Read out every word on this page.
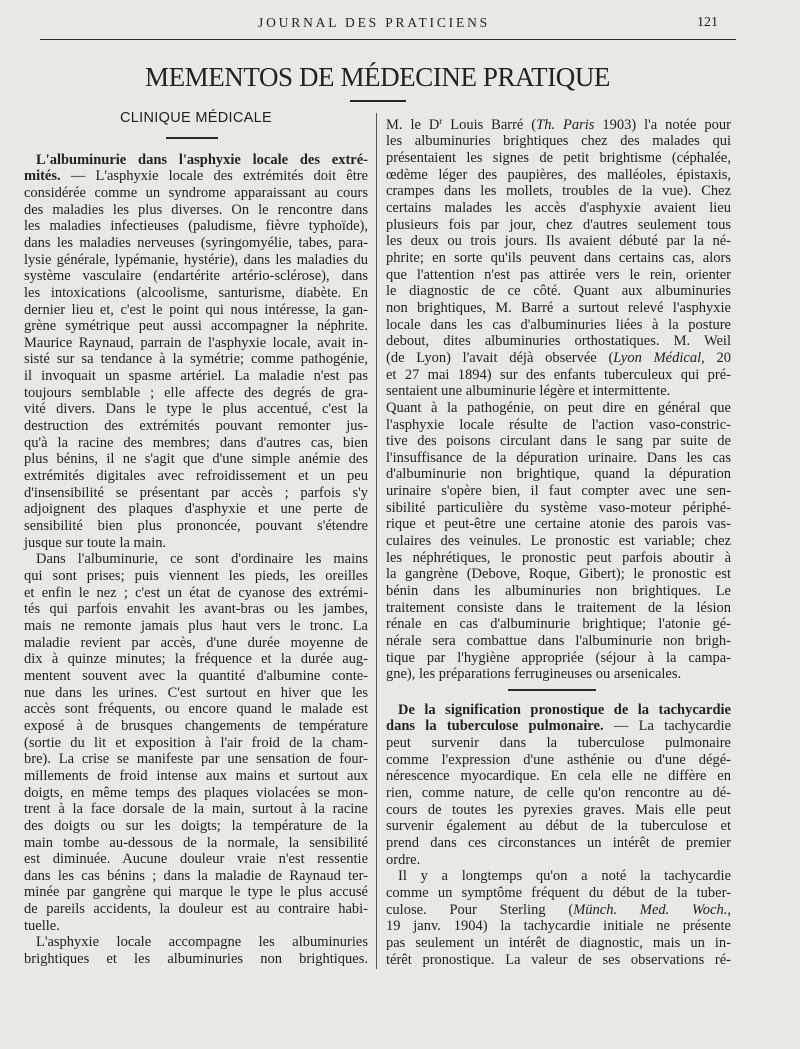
JOURNAL DES PRATICIENS	121
MEMENTOS DE MÉDECINE PRATIQUE
CLINIQUE MÉDICALE
L'albuminurie dans l'asphyxie locale des extré-
mités. — L'asphyxie locale des extrémités doit être
considérée comme un syndrome apparaissant au cours
des maladies les plus diverses. On le rencontre dans
les maladies infectieuses (paludisme, fièvre typhoïde),
dans les maladies nerveuses (syringomyélie, tabes, para-
lysie générale, lypémanie, hystérie), dans les maladies du
système vasculaire (endartérite artério-sclérose), dans
les intoxications (alcoolisme, santurisme, diabète. En
dernier lieu et, c'est le point qui nous intéresse, la gan-
grène symétrique peut aussi accompagner la néphrite.
Maurice Raynaud, parrain de l'asphyxie locale, avait in-
sisté sur sa tendance à la symétrie; comme pathogénie,
il invoquait un spasme artériel. La maladie n'est pas
toujours semblable ; elle affecte des degrés de gra-
vité divers. Dans le type le plus accentué, c'est la
destruction des extrémités pouvant remonter jus-
qu'à la racine des membres; dans d'autres cas, bien
plus bénins, il ne s'agit que d'une simple anémie des
extrémités digitales avec refroidissement et un peu
d'insensibilité se présentant par accès ; parfois s'y
adjoignent des plaques d'asphyxie et une perte de
sensibilité bien plus prononcée, pouvant s'étendre
jusque sur toute la main.
Dans l'albuminurie, ce sont d'ordinaire les mains
qui sont prises; puis viennent les pieds, les oreilles
et enfin le nez ; c'est un état de cyanose des extrémi-
tés qui parfois envahit les avant-bras ou les jambes,
mais ne remonte jamais plus haut vers le tronc. La
maladie revient par accès, d'une durée moyenne de
dix à quinze minutes; la fréquence et la durée aug-
mentent souvent avec la quantité d'albumine conte-
nue dans les urines. C'est surtout en hiver que les
accès sont fréquents, ou encore quand le malade est
exposé à de brusques changements de température
(sortie du lit et exposition à l'air froid de la cham-
bre). La crise se manifeste par une sensation de four-
millements de froid intense aux mains et surtout aux
doigts, en même temps des plaques violacées se mon-
trent à la face dorsale de la main, surtout à la racine
des doigts ou sur les doigts; la température de la
main tombe au-dessous de la normale, la sensibilité
est diminuée. Aucune douleur vraie n'est ressentie
dans les cas bénins ; dans la maladie de Raynaud ter-
minée par gangrène qui marque le type le plus accusé
de pareils accidents, la douleur est au contraire habi-
tuelle.
L'asphyxie locale accompagne les albuminuries
brightiques et les albuminuries non brightiques.
M. le $D^r$ Louis Barré (Th. Paris 1903) l'a notée pour
les albuminuries brightiques chez des malades qui
présentaient les signes de petit brightisme (céphalée,
œdème léger des paupières, des malléoles, épistaxis,
crampes dans les mollets, troubles de la vue). Chez
certains malades les accès d'asphyxie avaient lieu
plusieurs fois par jour, chez d'autres seulement tous
les deux ou trois jours. Ils avaient débuté par la né-
phrite; en sorte qu'ils peuvent dans certains cas, alors
que l'attention n'est pas attirée vers le rein, orienter
le diagnostic de ce côté. Quant aux albuminuries
non brightiques, M. Barré a surtout relevé l'asphyxie
locale dans les cas d'albuminuries liées à la posture
debout, dites albuminuries orthostatiques. M. Weil
(de Lyon) l'avait déjà observée (Lyon Médical, 20
et 27 mai 1894) sur des enfants tuberculeux qui pré-
sentaient une albuminurie légère et intermittente.
Quant à la pathogénie, on peut dire en général que
l'asphyxie locale résulte de l'action vaso-constric-
tive des poisons circulant dans le sang par suite de
l'insuffisance de la dépuration urinaire. Dans les cas
d'albuminurie non brightique, quand la dépuration
urinaire s'opère bien, il faut compter avec une sen-
sibilité particulière du système vaso-moteur périphé-
rique et peut-être une certaine atonie des parois vas-
culaires des veinules. Le pronostic est variable; chez
les néphrétiques, le pronostic peut parfois aboutir à
la gangrène (Debove, Roque, Gibert); le pronostic est
bénin dans les albuminuries non brightiques. Le
traitement consiste dans le traitement de la lésion
rénale en cas d'albuminurie brightique; l'atonie gé-
nérale sera combattue dans l'albuminurie non brigh-
tique par l'hygiène appropriée (séjour à la campa-
gne), les préparations ferrugineuses ou arsenicales.
De la signification pronostique de la tachycardie
dans la tuberculose pulmonaire. — La tachycardie
peut survenir dans la tuberculose pulmonaire
comme l'expression d'une asthénie ou d'une dégé-
nérescence myocardique. En cela elle ne diffère en
rien, comme nature, de celle qu'on rencontre au dé-
cours de toutes les pyrexies graves. Mais elle peut
survenir également au début de la tuberculose et
prend dans ces circonstances un intérêt de premier
ordre.
Il y a longtemps qu'on a noté la tachycardie
comme un symptôme fréquent du début de la tuber-
culose. Pour Sterling (Münch. Med. Woch.,
19 janv. 1904) la tachycardie initiale ne présente
pas seulement un intérêt de diagnostic, mais un in-
térêt pronostique. La valeur de ses observations ré-
